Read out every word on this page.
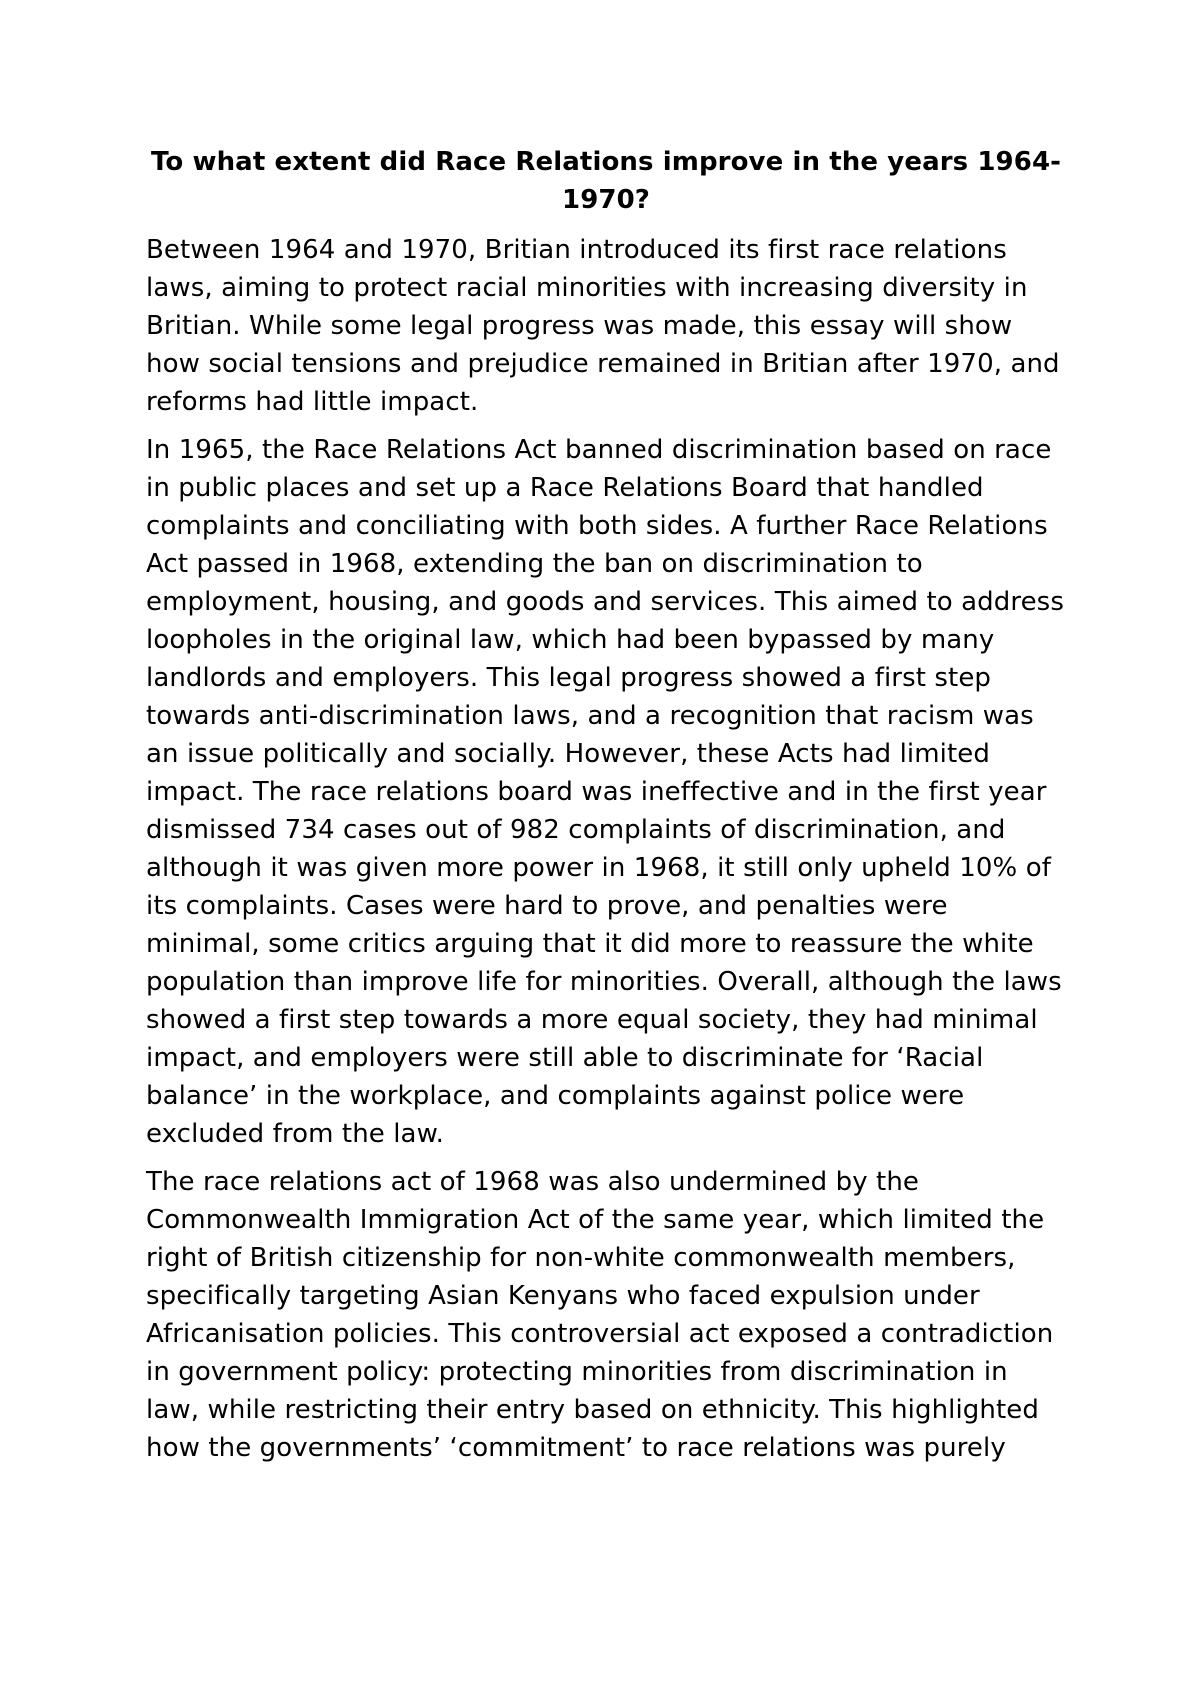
To what extent did Race Relations improve in the years 1964-1970?

Between 1964 and 1970, Britian introduced its first race relations laws, aiming to protect racial minorities with increasing diversity in Britian. While some legal progress was made, this essay will show how social tensions and prejudice remained in Britian after 1970, and reforms had little impact.

In 1965, the Race Relations Act banned discrimination based on race in public places and set up a Race Relations Board that handled complaints and conciliating with both sides. A further Race Relations Act passed in 1968, extending the ban on discrimination to employment, housing, and goods and services. This aimed to address loopholes in the original law, which had been bypassed by many landlords and employers. This legal progress showed a first step towards anti-discrimination laws, and a recognition that racism was an issue politically and socially. However, these Acts had limited impact. The race relations board was ineffective and in the first year dismissed 734 cases out of 982 complaints of discrimination, and although it was given more power in 1968, it still only upheld 10% of its complaints. Cases were hard to prove, and penalties were minimal, some critics arguing that it did more to reassure the white population than improve life for minorities. Overall, although the laws showed a first step towards a more equal society, they had minimal impact, and employers were still able to discriminate for ‘Racial balance’ in the workplace, and complaints against police were excluded from the law.

The race relations act of 1968 was also undermined by the Commonwealth Immigration Act of the same year, which limited the right of British citizenship for non-white commonwealth members, specifically targeting Asian Kenyans who faced expulsion under Africanisation policies. This controversial act exposed a contradiction in government policy: protecting minorities from discrimination in law, while restricting their entry based on ethnicity. This highlighted how the governments’ ‘commitment’ to race relations was purely
